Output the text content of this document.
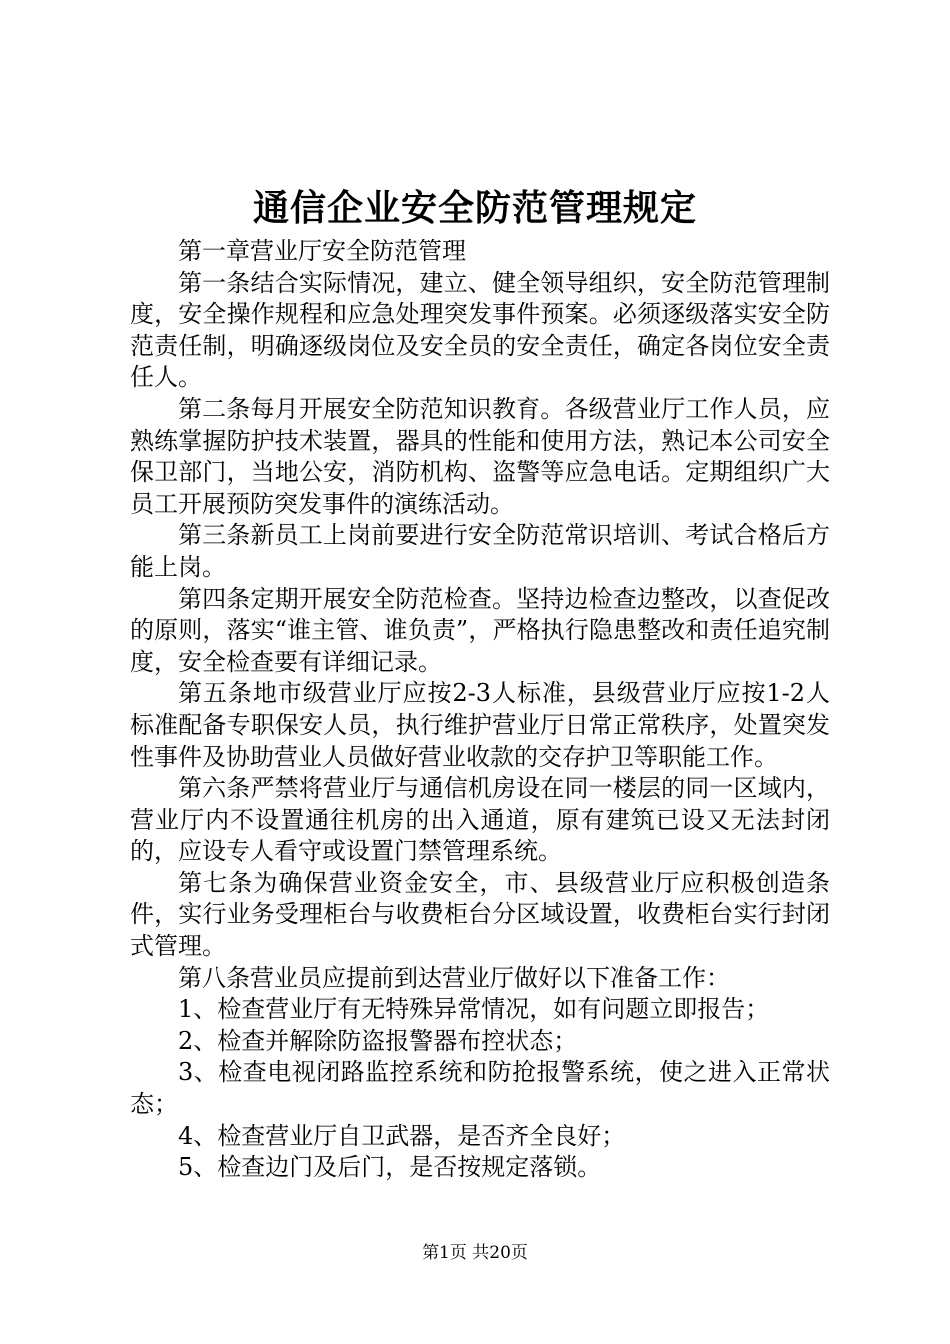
通信企业安全防范管理规定

第一章营业厅安全防范管理

第一条结合实际情况，建立、健全领导组织，安全防范管理制度，安全操作规程和应急处理突发事件预案。必须逐级落实安全防范责任制，明确逐级岗位及安全员的安全责任，确定各岗位安全责任人。

第二条每月开展安全防范知识教育。各级营业厅工作人员，应熟练掌握防护技术装置，器具的性能和使用方法，熟记本公司安全保卫部门，当地公安，消防机构、盗警等应急电话。定期组织广大员工开展预防突发事件的演练活动。

第三条新员工上岗前要进行安全防范常识培训、考试合格后方能上岗。

第四条定期开展安全防范检查。坚持边检查边整改，以查促改的原则，落实“谁主管、谁负责”，严格执行隐患整改和责任追究制度，安全检查要有详细记录。

第五条地市级营业厅应按2-3人标准，县级营业厅应按1-2人标准配备专职保安人员，执行维护营业厅日常正常秩序，处置突发性事件及协助营业人员做好营业收款的交存护卫等职能工作。

第六条严禁将营业厅与通信机房设在同一楼层的同一区域内，营业厅内不设置通往机房的出入通道，原有建筑已设又无法封闭的，应设专人看守或设置门禁管理系统。

第七条为确保营业资金安全，市、县级营业厅应积极创造条件，实行业务受理柜台与收费柜台分区域设置，收费柜台实行封闭式管理。

第八条营业员应提前到达营业厅做好以下准备工作：

1、检查营业厅有无特殊异常情况，如有问题立即报告；

2、检查并解除防盗报警器布控状态；

3、检查电视闭路监控系统和防抢报警系统，使之进入正常状态；

4、检查营业厅自卫武器，是否齐全良好；

5、检查边门及后门，是否按规定落锁。

第1页 共20页
